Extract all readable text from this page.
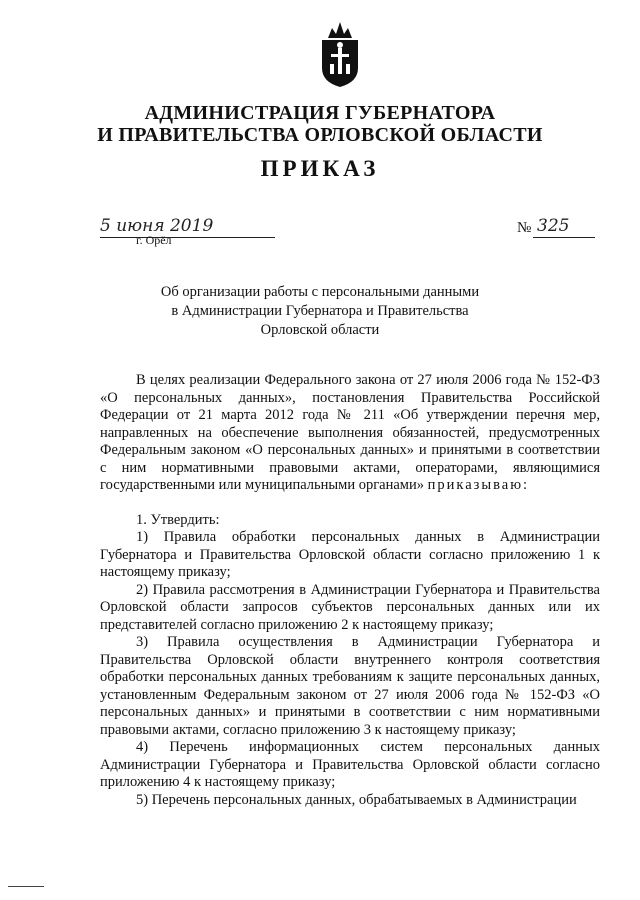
АДМИНИСТРАЦИЯ ГУБЕРНАТОРА
И ПРАВИТЕЛЬСТВА ОРЛОВСКОЙ ОБЛАСТИ
ПРИКАЗ
5 июня 2019
г. Орёл
№ 325
Об организации работы с персональными данными
в Администрации Губернатора и Правительства
Орловской области

В целях реализации Федерального закона от 27 июля 2006 года № 152-ФЗ «О персональных данных», постановления Правительства Российской Федерации от 21 марта 2012 года № 211 «Об утверждении перечня мер, направленных на обеспечение выполнения обязанностей, предусмотренных Федеральным законом «О персональных данных» и принятыми в соответствии с ним нормативными правовыми актами, операторами, являющимися государственными или муниципальными органами» приказываю:

1. Утвердить:

1) Правила обработки персональных данных в Администрации Губернатора и Правительства Орловской области согласно приложению 1 к настоящему приказу;

2) Правила рассмотрения в Администрации Губернатора и Правительства Орловской области запросов субъектов персональных данных или их представителей согласно приложению 2 к настоящему приказу;

3) Правила осуществления в Администрации Губернатора и Правительства Орловской области внутреннего контроля соответствия обработки персональных данных требованиям к защите персональных данных, установленным Федеральным законом от 27 июля 2006 года № 152-ФЗ «О персональных данных» и принятыми в соответствии с ним нормативными правовыми актами, согласно приложению 3 к настоящему приказу;

4) Перечень информационных систем персональных данных Администрации Губернатора и Правительства Орловской области согласно приложению 4 к настоящему приказу;

5) Перечень персональных данных, обрабатываемых в Администрации
